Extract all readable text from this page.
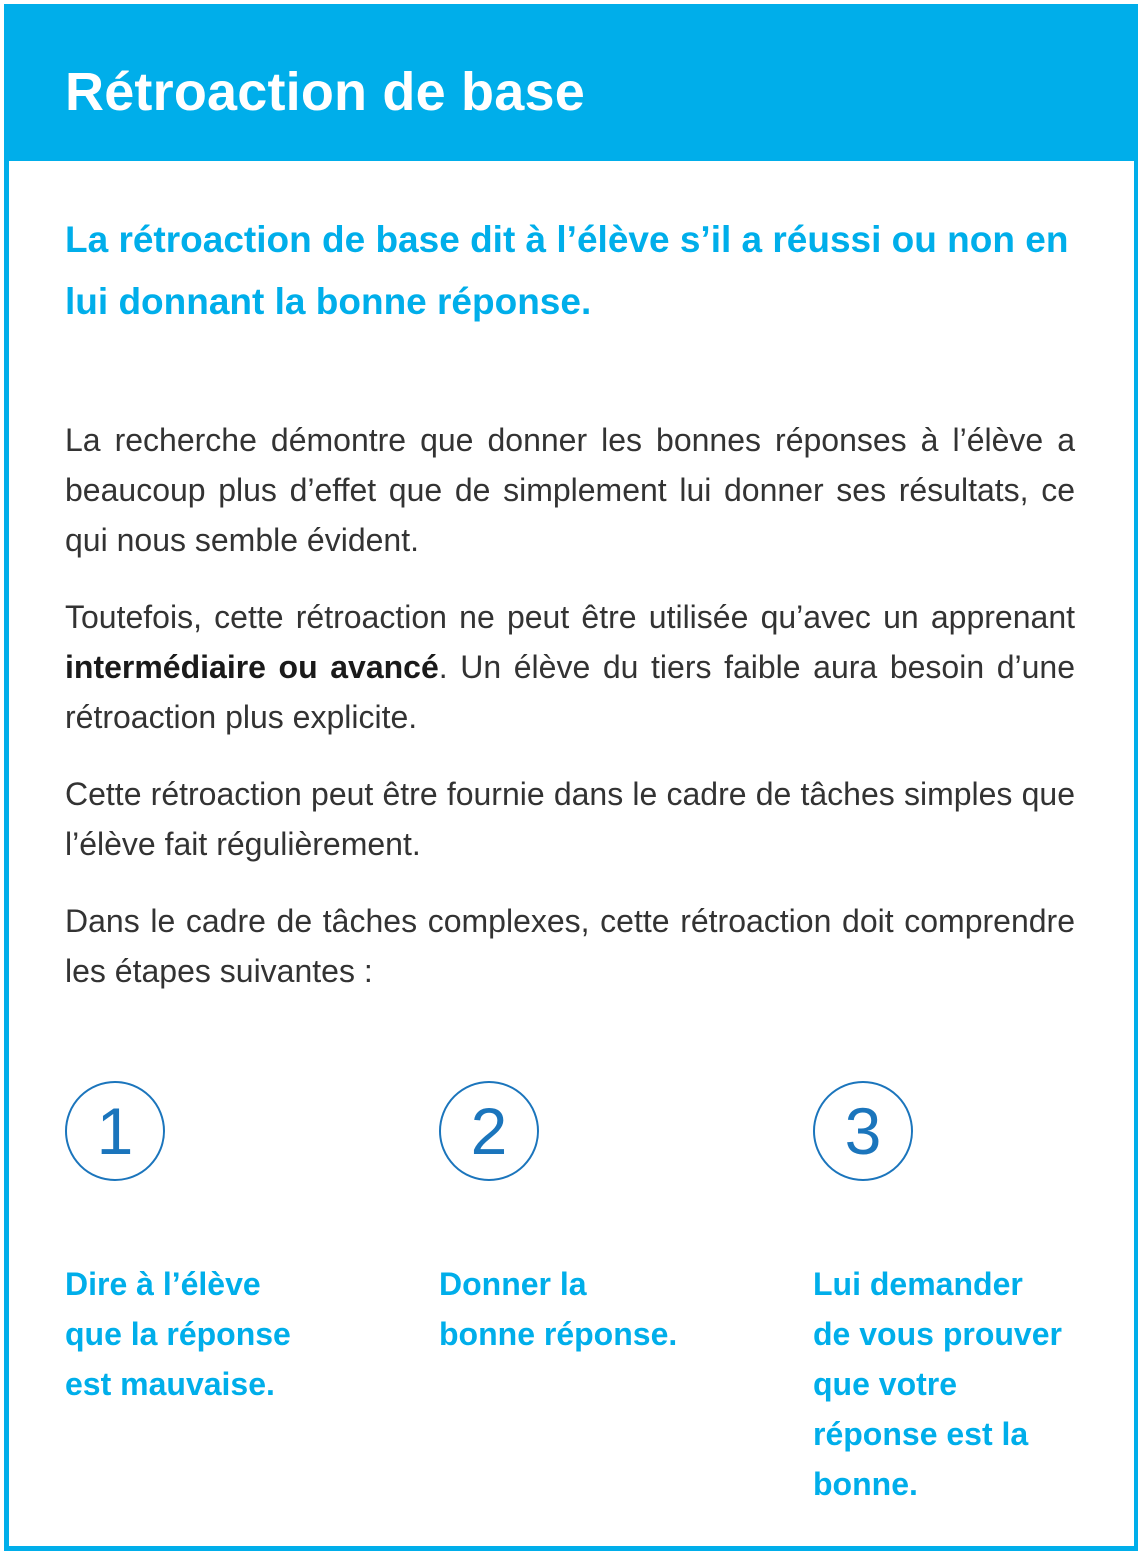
Rétroaction de base

La rétroaction de base dit à l’élève s’il a réussi ou non en lui donnant la bonne réponse.

La recherche démontre que donner les bonnes réponses à l’élève a beaucoup plus d’effet que de simplement lui donner ses résultats, ce qui nous semble évident.

Toutefois, cette rétroaction ne peut être utilisée qu’avec un apprenant intermédiaire ou avancé. Un élève du tiers faible aura besoin d’une rétroaction plus explicite.

Cette rétroaction peut être fournie dans le cadre de tâches simples que l’élève fait régulièrement.

Dans le cadre de tâches complexes, cette rétroaction doit comprendre les étapes suivantes :

1

Dire à l’élève
que la réponse
est mauvaise.

2

Donner la
bonne réponse.

3

Lui demander
de vous prouver
que votre
réponse est la
bonne.
